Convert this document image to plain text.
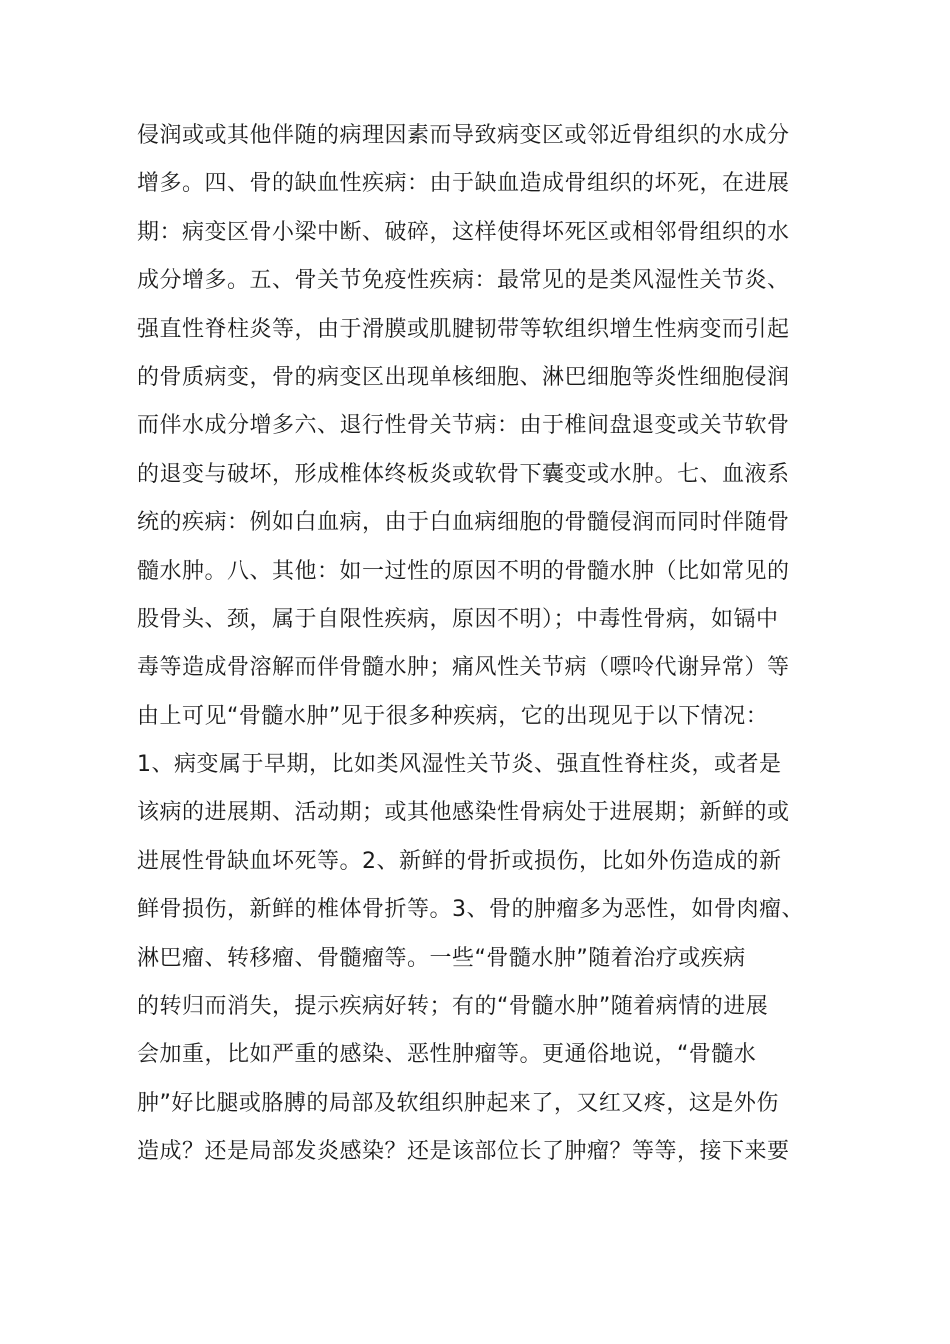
侵润或或其他伴随的病理因素而导致病变区或邻近骨组织的水成分
增多。四、骨的缺血性疾病：由于缺血造成骨组织的坏死，在进展
期：病变区骨小梁中断、破碎，这样使得坏死区或相邻骨组织的水
成分增多。五、骨关节免疫性疾病：最常见的是类风湿性关节炎、
强直性脊柱炎等，由于滑膜或肌腱韧带等软组织增生性病变而引起
的骨质病变，骨的病变区出现单核细胞、淋巴细胞等炎性细胞侵润
而伴水成分增多六、退行性骨关节病：由于椎间盘退变或关节软骨
的退变与破坏，形成椎体终板炎或软骨下囊变或水肿。七、血液系
统的疾病：例如白血病，由于白血病细胞的骨髓侵润而同时伴随骨
髓水肿。八、其他：如一过性的原因不明的骨髓水肿（比如常见的
股骨头、颈，属于自限性疾病，原因不明）；中毒性骨病，如镉中
毒等造成骨溶解而伴骨髓水肿；痛风性关节病（嘌呤代谢异常）等
由上可见“骨髓水肿”见于很多种疾病，它的出现见于以下情况：
1、病变属于早期，比如类风湿性关节炎、强直性脊柱炎，或者是
该病的进展期、活动期；或其他感染性骨病处于进展期；新鲜的或
进展性骨缺血坏死等。2、新鲜的骨折或损伤，比如外伤造成的新
鲜骨损伤，新鲜的椎体骨折等。3、骨的肿瘤多为恶性，如骨肉瘤、
淋巴瘤、转移瘤、骨髓瘤等。一些“骨髓水肿”随着治疗或疾病
的转归而消失，提示疾病好转；有的“骨髓水肿”随着病情的进展
会加重，比如严重的感染、恶性肿瘤等。更通俗地说，“骨髓水
肿”好比腿或胳膊的局部及软组织肿起来了，又红又疼，这是外伤
造成？还是局部发炎感染？还是该部位长了肿瘤？等等，接下来要
